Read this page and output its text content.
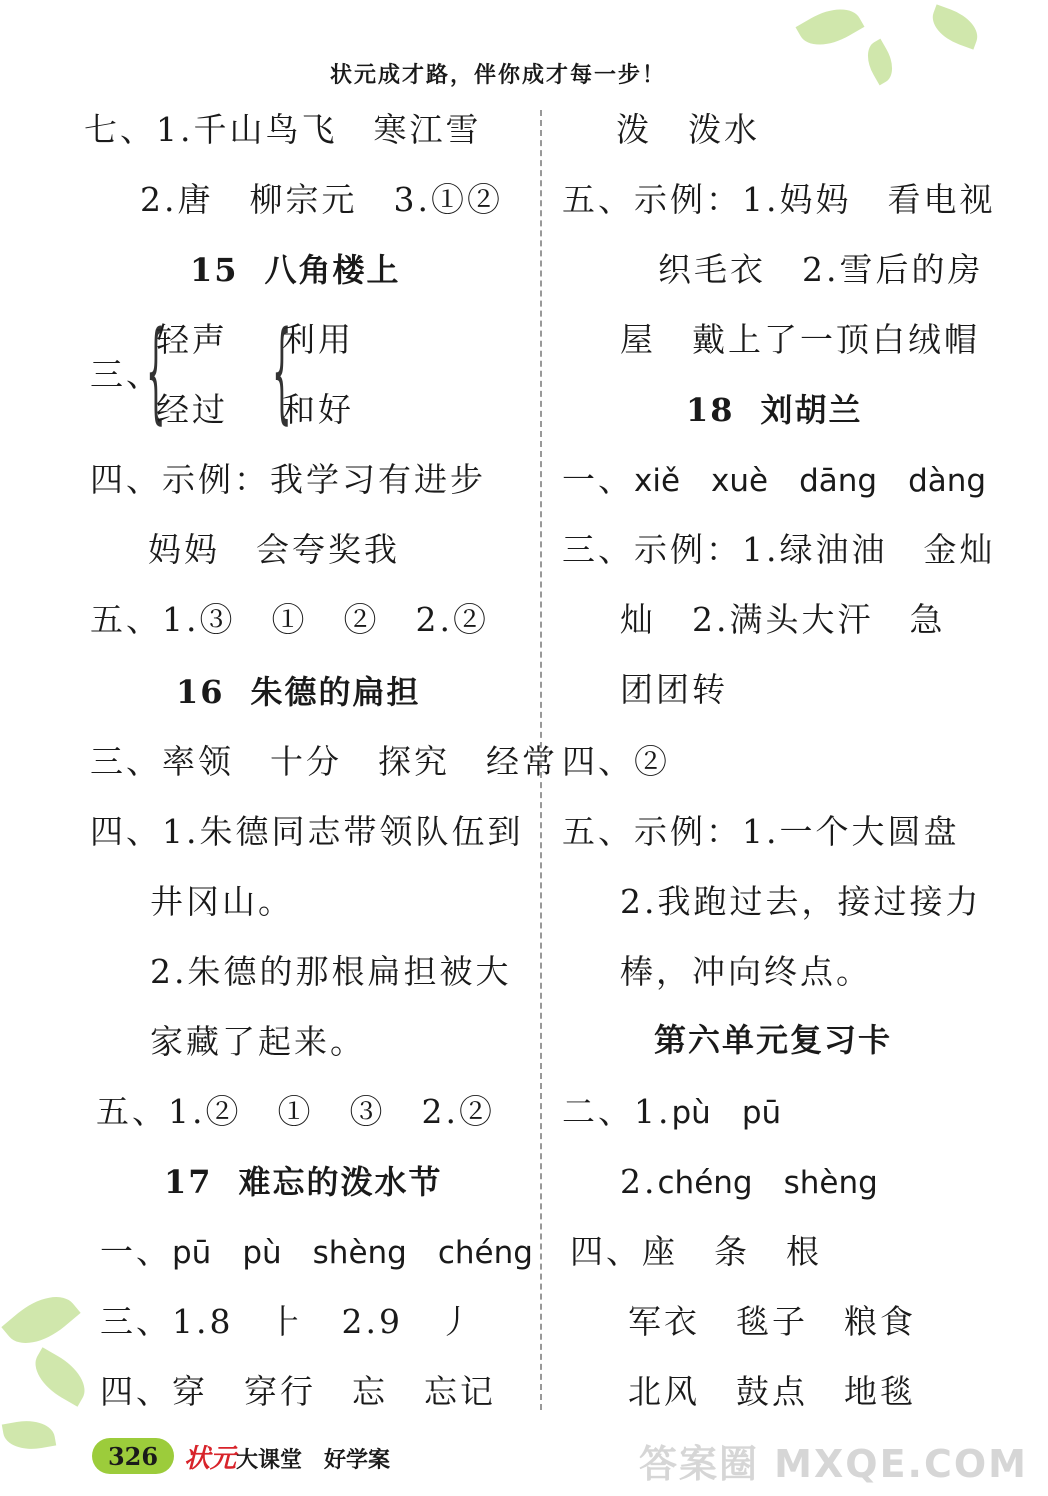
状元成才路，伴你成才每一步！
七、1.千山鸟飞　寒江雪
2.唐　柳宗元　3.①②
15 八角楼上
三、
{
轻声
经过 {
利用
和好
四、示例：我学习有进步
妈妈　会夸奖我
五、1.③　①　②　2.②
16 朱德的扁担
三、率领　十分　探究　经常
四、1.朱德同志带领队伍到
井冈山。
2.朱德的那根扁担被大
家藏了起来。
五、1.②　①　③　2.②
17 难忘的泼水节
一、pū　pù　shèng　chéng
三、1.8　⺊　2.9　丿
四、穿　穿行　忘　忘记
泼　泼水
五、示例：1.妈妈　看电视
织毛衣　2.雪后的房
屋　戴上了一顶白绒帽
18 刘胡兰
一、xiě　xuè　dāng　dàng
三、示例：1.绿油油　金灿
灿　2.满头大汗　急
团团转
四、②
五、示例：1.一个大圆盘
2.我跑过去，接过接力
棒，冲向终点。
第六单元复习卡
二、1.pù　pū
2.chéng　shèng
四、座　条　根
军衣　毯子　粮食
北风　鼓点　地毯
326 状元大课堂　好学案	答案圈 MXQE.COM
